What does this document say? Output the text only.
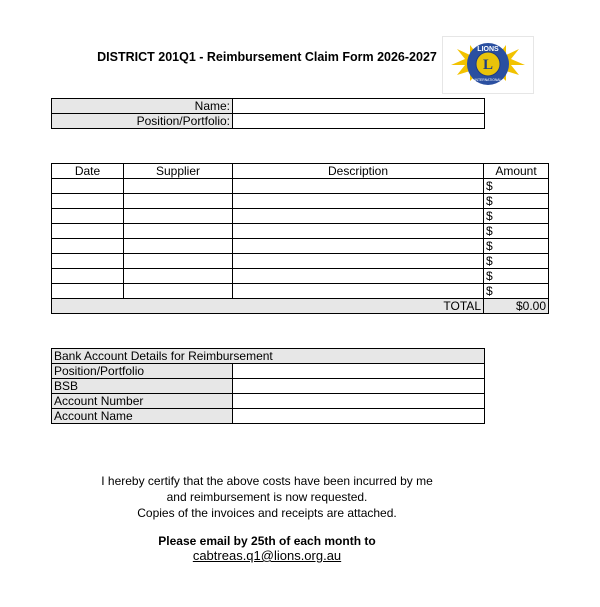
DISTRICT 201Q1 - Reimbursement Claim Form 2026-2027	L
LIONS
INTERNATIONAL
Name:	
Position/Portfolio:	
Date	Supplier	Description	Amount
			$
			$
			$
			$
			$
			$
			$
			$
TOTAL			$0.00
Bank Account Details for Reimbursement	
Position/Portfolio	
BSB	
Account Number	
Account Name	
I hereby certify that the above costs have been incurred by me
and reimbursement is now requested.
Copies of the invoices and receipts are attached.
Please email by 25th of each month to
cabtreas.q1@lions.org.au
